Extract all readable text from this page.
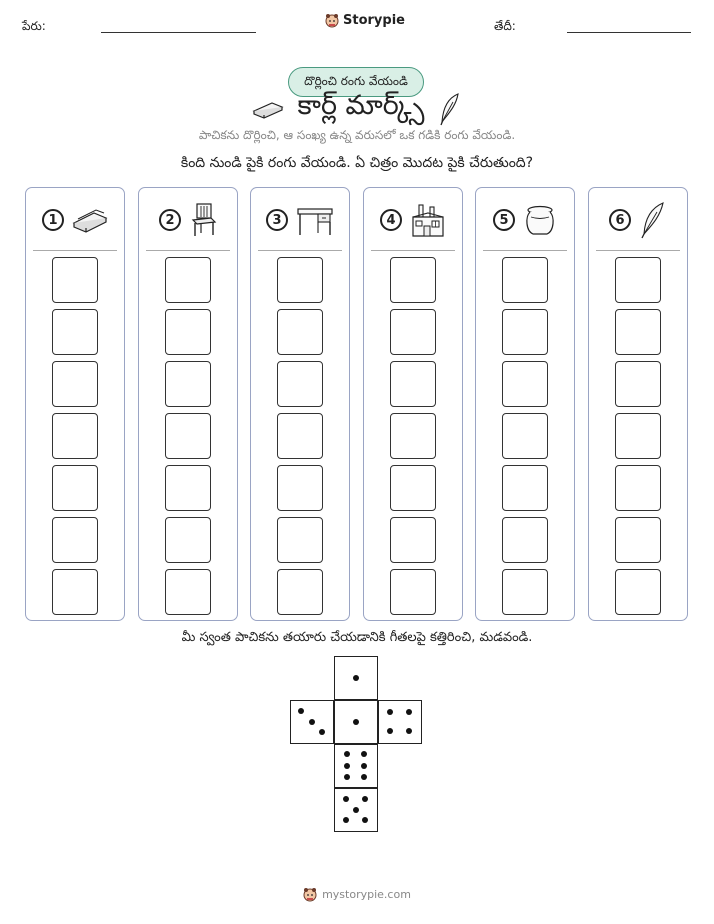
పేరు:	Storypie	తేదీ:
దొర్లించి రంగు వేయండి
కార్ల్ మార్క్స్
పాచికను దొర్లించి, ఆ సంఖ్య ఉన్న వరుసలో ఒక గడికి రంగు వేయండి.
కింది నుండి పైకి రంగు వేయండి. ఏ చిత్రం మొదట పైకి చేరుతుంది?
1	2	3	4	5	6
మీ స్వంత పాచికను తయారు చేయడానికి గీతలపై కత్తిరించి, మడవండి.
mystorypie.com
